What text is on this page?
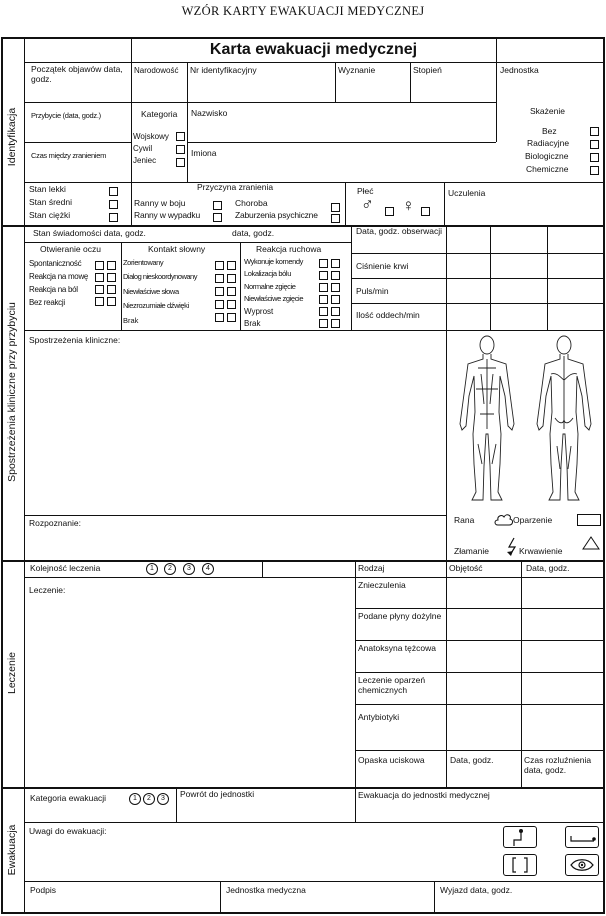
WZÓR KARTY EWAKUACJI MEDYCZNEJ
Identyfikacja
Spostrzeżenia kliniczne przy przybyciu
Leczenie
Ewakuacja
Karta ewakuacji medycznej
Początek objawów data, godz.
Narodowość Nr identyfikacyjny	Wyznanie	Stopień	Jednostka
Przybycie (data, godz.)
Czas między zranieniem
Kategoria
Wojskowy
Cywil
Jeniec
Nazwisko
Imiona
Skażenie
Bez
Radiacyjne
Biologiczne
Chemiczne
Stan lekki
Stan średni
Stan ciężki
Przyczyna zranienia
Ranny w boju
Ranny w wypadku
Choroba
Zaburzenia psychiczne
Płeć
♂ ♀
Uczulenia
Stan świadomości data, godz.	data, godz.	Data, godz. obserwacji
Ciśnienie krwi
Puls/min
Ilość oddech/min
Otwieranie oczu
Spontaniczność
Reakcja na mowę
Reakcja na ból
Bez reakcji
Kontakt słowny
Zorientowany
Dialog nieskoordynowany
Niewłaściwe słowa
Niezrozumiałe dźwięki
Brak
Reakcja ruchowa
Wykonuje komendy
Lokalizacja bólu
Normalne zgięcie
Niewłaściwe zgięcie
Wyprost
Brak
Spostrzeżenia kliniczne:
Rozpoznanie:	Rana	Oparzenie
Złamanie	Krwawienie
Kolejność leczenia	1	2	3	4	Rodzaj	Objętość	Data, godz.
Leczenie:	Znieczulenia
Podane płyny dożylne
Anatoksyna tężcowa
Leczenie oparzeń chemicznych
Antybiotyki
Opaska uciskowa	Data, godz.	Czas rozluźnienia data, godz.
Kategoria ewakuacji	1	2	3	Powrót do jednostki	Ewakuacja do jednostki medycznej
Uwagi do ewakuacji:
Podpis	Jednostka medyczna	Wyjazd data, godz.
